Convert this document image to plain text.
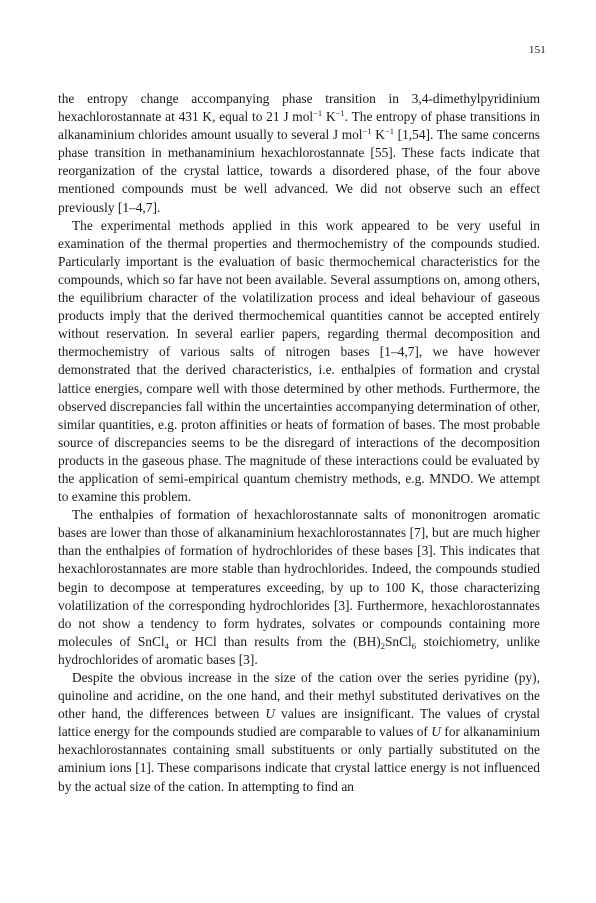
151

the entropy change accompanying phase transition in 3,4-dimethylpyridinium hexachlorostannate at 431 K, equal to 21 J mol$^{-1}$ $K^{-1}$. The entropy of phase transitions in alkanaminium chlorides amount usually to several J mol$^{-1}$ $K^{-1}$ [1,54]. The same concerns phase transition in methanaminium hexachlorostannate [55]. These facts indicate that reorganization of the crystal lattice, towards a disordered phase, of the four above mentioned compounds must be well advanced. We did not observe such an effect previously [1–4,7].

The experimental methods applied in this work appeared to be very useful in examination of the thermal properties and thermochemistry of the compounds studied. Particularly important is the evaluation of basic thermochemical characteristics for the compounds, which so far have not been available. Several assumptions on, among others, the equilibrium character of the volatilization process and ideal behaviour of gaseous products imply that the derived thermochemical quantities cannot be accepted entirely without reservation. In several earlier papers, regarding thermal decomposition and thermochemistry of various salts of nitrogen bases [1–4,7], we have however demonstrated that the derived characteristics, i.e. enthalpies of formation and crystal lattice energies, compare well with those determined by other methods. Furthermore, the observed discrepancies fall within the uncertainties accompanying determination of other, similar quantities, e.g. proton affinities or heats of formation of bases. The most probable source of discrepancies seems to be the disregard of interactions of the decomposition products in the gaseous phase. The magnitude of these interactions could be evaluated by the application of semi-empirical quantum chemistry methods, e.g. MNDO. We attempt to examine this problem.

The enthalpies of formation of hexachlorostannate salts of mononitrogen aromatic bases are lower than those of alkanaminium hexachlorostannates [7], but are much higher than the enthalpies of formation of hydrochlorides of these bases [3]. This indicates that hexachlorostannates are more stable than hydrochlorides. Indeed, the compounds studied begin to decompose at temperatures exceeding, by up to 100 K, those characterizing volatilization of the corresponding hydrochlorides [3]. Furthermore, hexachlorostannates do not show a tendency to form hydrates, solvates or compounds containing more molecules of SnCl$_4$ or HCl than results from the $(BH)_2SnCl_6$ stoichiometry, unlike hydrochlorides of aromatic bases [3].

Despite the obvious increase in the size of the cation over the series pyridine (py), quinoline and acridine, on the one hand, and their methyl substituted derivatives on the other hand, the differences between U values are insignificant. The values of crystal lattice energy for the compounds studied are comparable to values of U for alkanaminium hexachlorostannates containing small substituents or only partially substituted on the aminium ions [1]. These comparisons indicate that crystal lattice energy is not influenced by the actual size of the cation. In attempting to find an
